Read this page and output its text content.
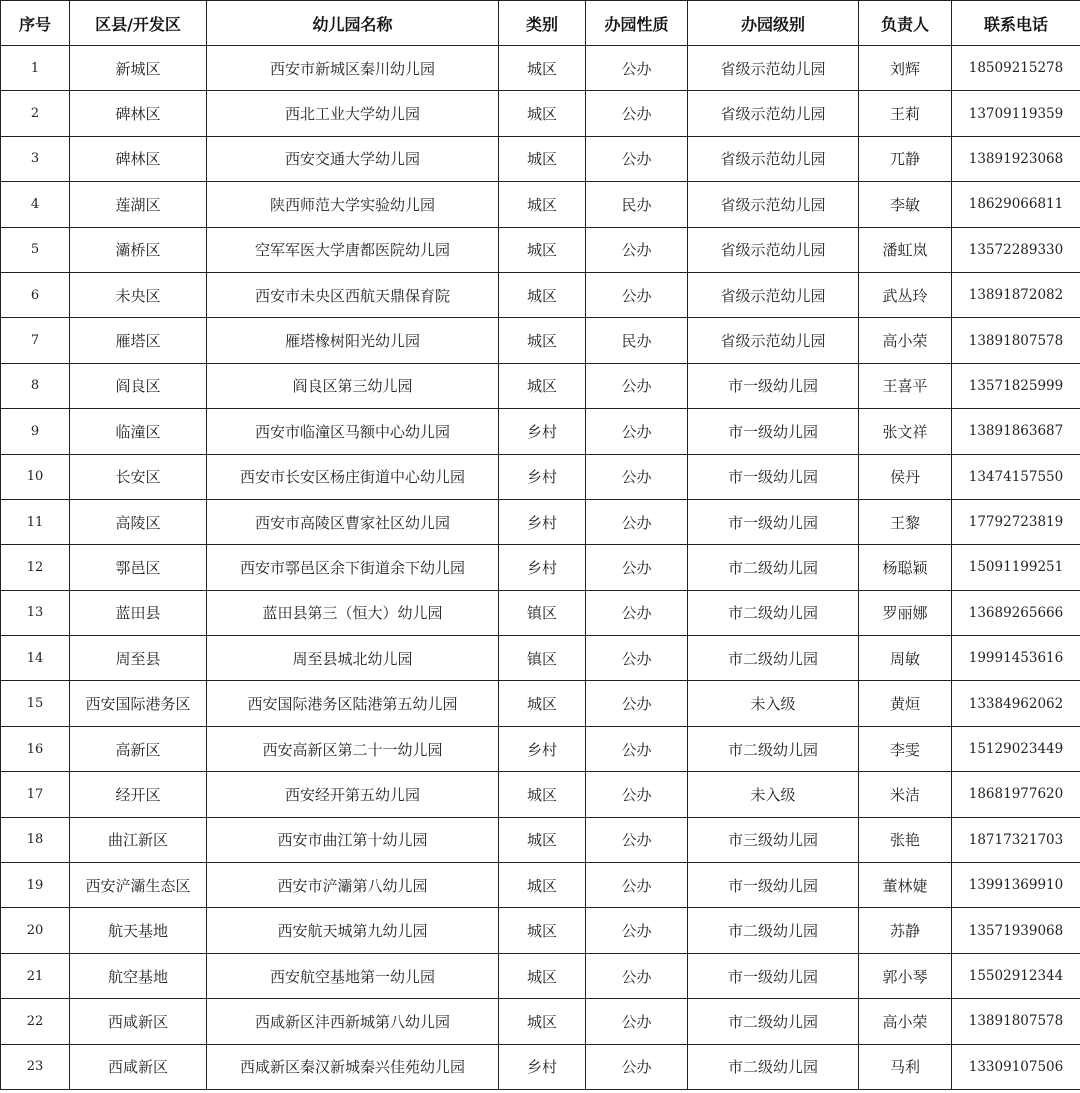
序号	区县/开发区	幼儿园名称	类别	办园性质	办园级别	负责人	联系电话
1	新城区	西安市新城区秦川幼儿园	城区	公办	省级示范幼儿园	刘辉	18509215278
2	碑林区	西北工业大学幼儿园	城区	公办	省级示范幼儿园	王莉	13709119359
3	碑林区	西安交通大学幼儿园	城区	公办	省级示范幼儿园	兀静	13891923068
4	莲湖区	陕西师范大学实验幼儿园	城区	民办	省级示范幼儿园	李敏	18629066811
5	灞桥区	空军军医大学唐都医院幼儿园	城区	公办	省级示范幼儿园	潘虹岚	13572289330
6	未央区	西安市未央区西航天鼎保育院	城区	公办	省级示范幼儿园	武丛玲	13891872082
7	雁塔区	雁塔橡树阳光幼儿园	城区	民办	省级示范幼儿园	高小荣	13891807578
8	阎良区	阎良区第三幼儿园	城区	公办	市一级幼儿园	王喜平	13571825999
9	临潼区	西安市临潼区马额中心幼儿园	乡村	公办	市一级幼儿园	张文祥	13891863687
10	长安区	西安市长安区杨庄街道中心幼儿园	乡村	公办	市一级幼儿园	侯丹	13474157550
11	高陵区	西安市高陵区曹家社区幼儿园	乡村	公办	市一级幼儿园	王黎	17792723819
12	鄠邑区	西安市鄠邑区余下街道余下幼儿园	乡村	公办	市二级幼儿园	杨聪颖	15091199251
13	蓝田县	蓝田县第三（恒大）幼儿园	镇区	公办	市二级幼儿园	罗丽娜	13689265666
14	周至县	周至县城北幼儿园	镇区	公办	市二级幼儿园	周敏	19991453616
15	西安国际港务区	西安国际港务区陆港第五幼儿园	城区	公办	未入级	黄烜	13384962062
16	高新区	西安高新区第二十一幼儿园	乡村	公办	市二级幼儿园	李雯	15129023449
17	经开区	西安经开第五幼儿园	城区	公办	未入级	米洁	18681977620
18	曲江新区	西安市曲江第十幼儿园	城区	公办	市三级幼儿园	张艳	18717321703
19	西安浐灞生态区	西安市浐灞第八幼儿园	城区	公办	市一级幼儿园	董林婕	13991369910
20	航天基地	西安航天城第九幼儿园	城区	公办	市二级幼儿园	苏静	13571939068
21	航空基地	西安航空基地第一幼儿园	城区	公办	市一级幼儿园	郭小琴	15502912344
22	西咸新区	西咸新区沣西新城第八幼儿园	城区	公办	市二级幼儿园	高小荣	13891807578
23	西咸新区	西咸新区秦汉新城秦兴佳苑幼儿园	乡村	公办	市二级幼儿园	马利	13309107506
